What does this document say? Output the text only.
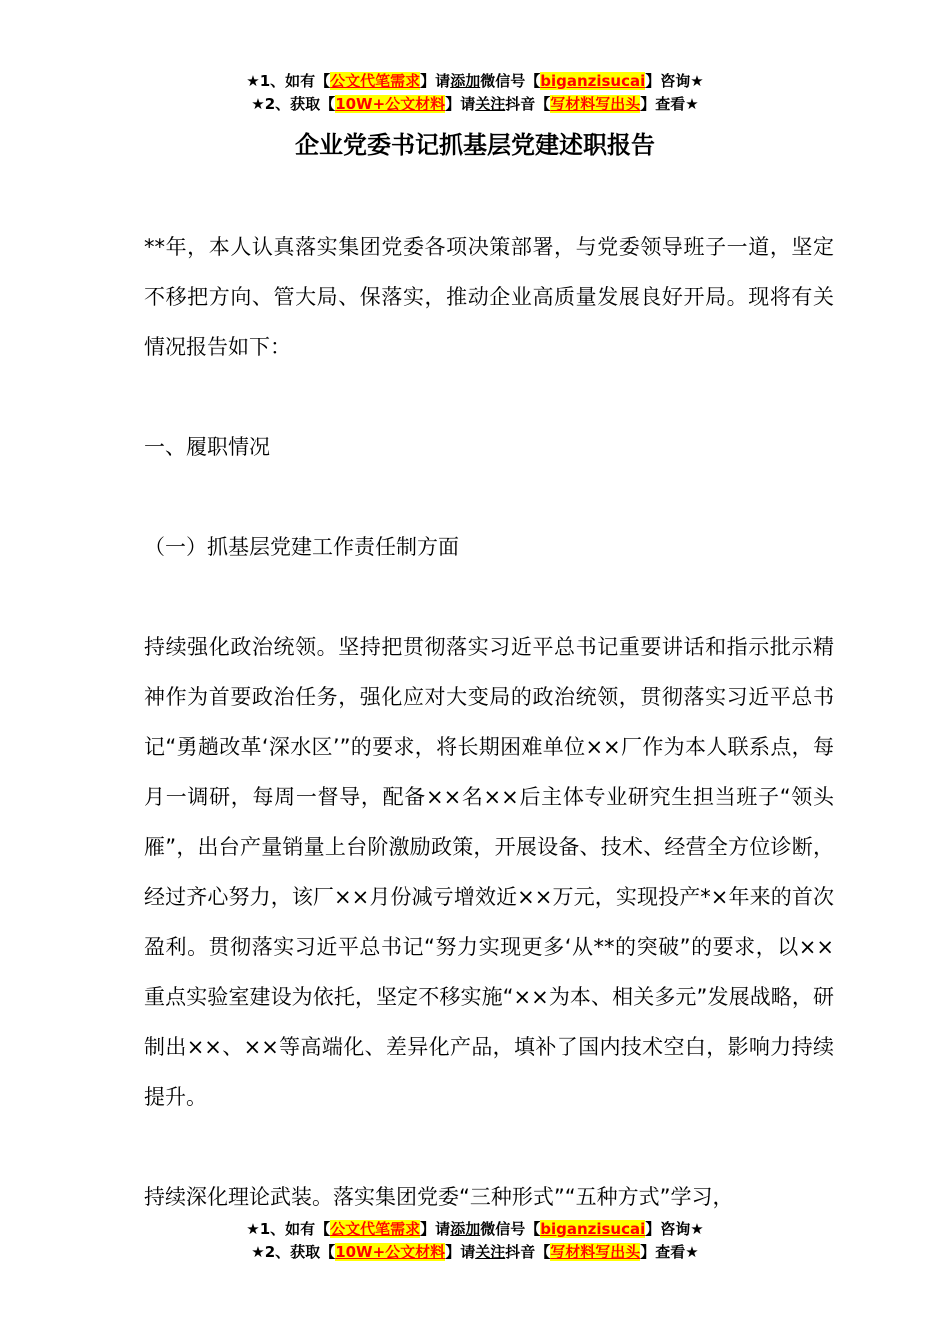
★1、如有【公文代笔需求】请添加微信号【biganzisucai】咨询★
★2、获取【10W+公文材料】请关注抖音【写材料写出头】查看★
企业党委书记抓基层党建述职报告

**年，本人认真落实集团党委各项决策部署，与党委领导班子一道，坚定不移把方向、管大局、保落实，推动企业高质量发展良好开局。现将有关情况报告如下：

一、履职情况

（一）抓基层党建工作责任制方面

持续强化政治统领。坚持把贯彻落实习近平总书记重要讲话和指示批示精神作为首要政治任务，强化应对大变局的政治统领，贯彻落实习近平总书记“勇趟改革‘深水区’”的要求，将长期困难单位××厂作为本人联系点，每月一调研，每周一督导，配备××名××后主体专业研究生担当班子“领头雁”，出台产量销量上台阶激励政策，开展设备、技术、经营全方位诊断，经过齐心努力，该厂××月份减亏增效近××万元，实现投产*×年来的首次盈利。贯彻落实习近平总书记“努力实现更多‘从**的突破”的要求，以××重点实验室建设为依托，坚定不移实施“××为本、相关多元”发展战略，研制出××、××等高端化、差异化产品，填补了国内技术空白，影响力持续提升。

持续深化理论武装。落实集团党委“三种形式”“五种方式”学习，

★1、如有【公文代笔需求】请添加微信号【biganzisucai】咨询★
★2、获取【10W+公文材料】请关注抖音【写材料写出头】查看★
